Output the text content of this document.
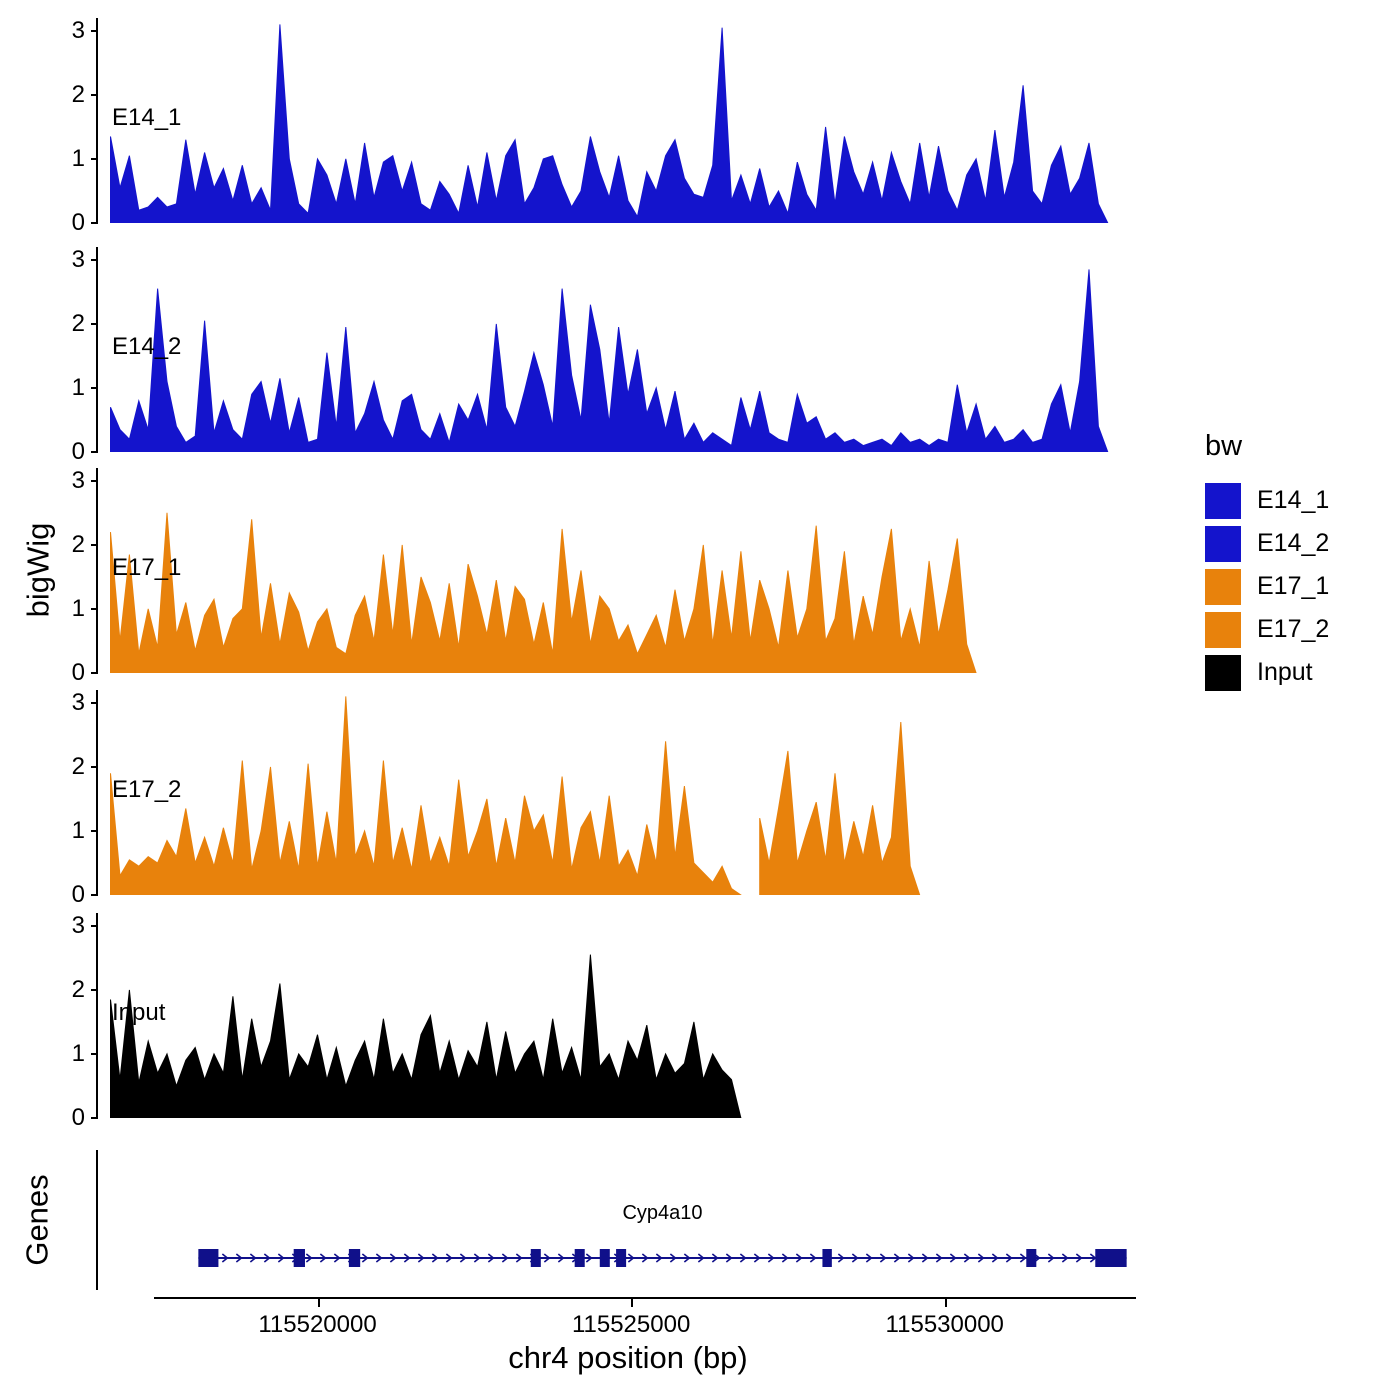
bigWig
Genes
0
1
2
3
E14_1
0
1
2
3
E14_2
0
1
2
3
E17_1
0
1
2
3
E17_2
0
1
2
3
Input
Cyp4a10
115520000	115525000	115530000
chr4 position (bp)
bw
E14_1
E14_2
E17_1
E17_2
Input
